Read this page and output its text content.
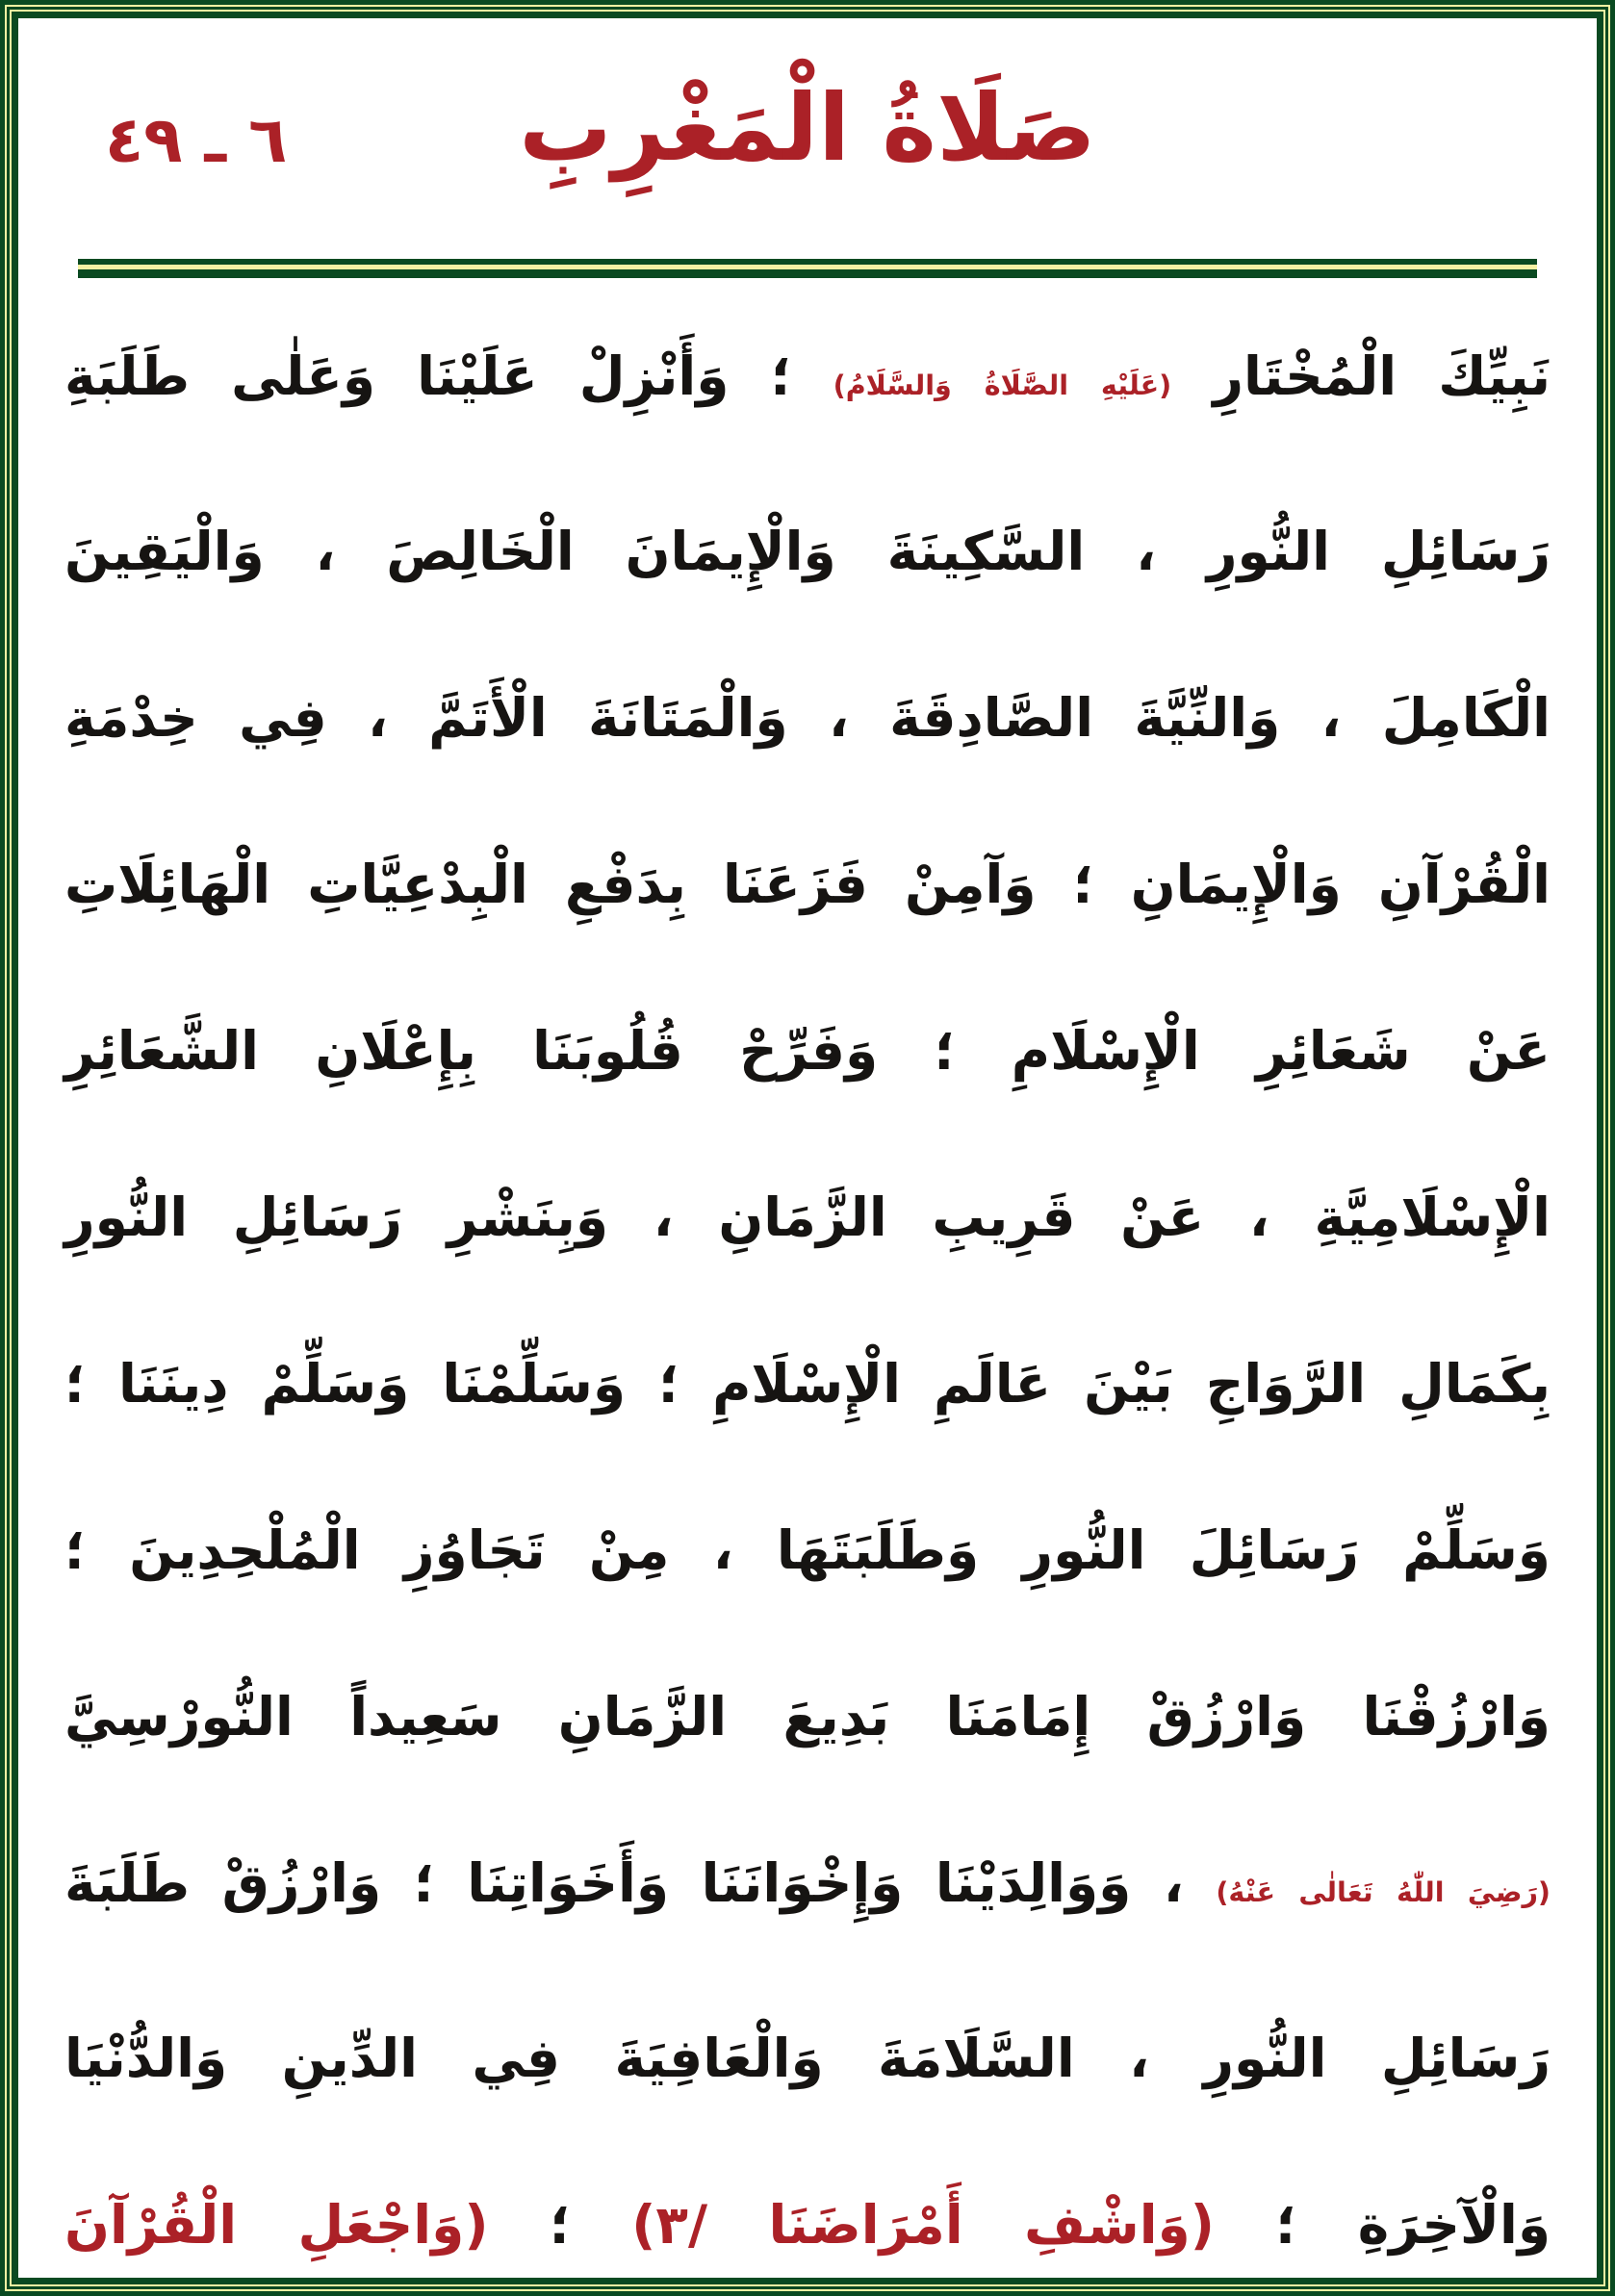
صَلَاةُ الْمَغْرِبِ
٦ ـ ٤٩
نَبِيِّكَ الْمُخْتَارِ (عَلَيْهِ الصَّلَاةُ وَالسَّلَامُ) ؛ وَأَنْزِلْ عَلَيْنَا وَعَلٰى طَلَبَةِ
رَسَائِلِ النُّورِ ، السَّكِينَةَ وَالْإِيمَانَ الْخَالِصَ ، وَالْيَقِينَ
الْكَامِلَ ، وَالنِّيَّةَ الصَّادِقَةَ ، وَالْمَتَانَةَ الْأَتَمَّ ، فِي خِدْمَةِ
الْقُرْآنِ وَالْإِيمَانِ ؛ وَآمِنْ فَزَعَنَا بِدَفْعِ الْبِدْعِيَّاتِ الْهَائِلَاتِ
عَنْ شَعَائِرِ الْإِسْلَامِ ؛ وَفَرِّحْ قُلُوبَنَا بِإِعْلَانِ الشَّعَائِرِ
الْإِسْلَامِيَّةِ ، عَنْ قَرِيبِ الزَّمَانِ ، وَبِنَشْرِ رَسَائِلِ النُّورِ
بِكَمَالِ الرَّوَاجِ بَيْنَ عَالَمِ الْإِسْلَامِ ؛ وَسَلِّمْنَا وَسَلِّمْ دِينَنَا ؛
وَسَلِّمْ رَسَائِلَ النُّورِ وَطَلَبَتَهَا ، مِنْ تَجَاوُزِ الْمُلْحِدِينَ ؛
وَارْزُقْنَا وَارْزُقْ إِمَامَنَا بَدِيعَ الزَّمَانِ سَعِيداً النُّورْسِيَّ
(رَضِيَ اللّٰهُ تَعَالٰى عَنْهُ) ، وَوَالِدَيْنَا وَإِخْوَانَنَا وَأَخَوَاتِنَا ؛ وَارْزُقْ طَلَبَةَ
رَسَائِلِ النُّورِ ، السَّلَامَةَ وَالْعَافِيَةَ فِي الدِّينِ وَالدُّنْيَا
وَالْآخِرَةِ ؛ (وَاشْفِ أَمْرَاضَنَا /٣) ؛ (وَاجْعَلِ الْقُرْآنَ
